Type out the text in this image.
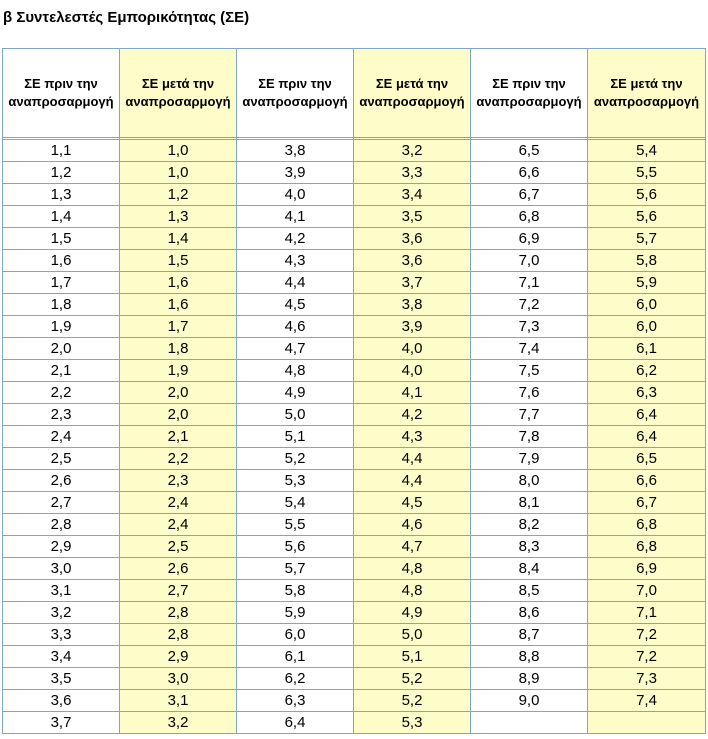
β Συντελεστές Εμπορικότητας (ΣΕ)
ΣΕ πριν την
αναπροσαρμογή	ΣΕ μετά την
αναπροσαρμογή	ΣΕ πριν την
αναπροσαρμογή	ΣΕ μετά την
αναπροσαρμογή	ΣΕ πριν την
αναπροσαρμογή	ΣΕ μετά την
αναπροσαρμογή

1,1	1,0	3,8	3,2	6,5	5,4
1,2	1,0	3,9	3,3	6,6	5,5
1,3	1,2	4,0	3,4	6,7	5,6
1,4	1,3	4,1	3,5	6,8	5,6
1,5	1,4	4,2	3,6	6,9	5,7
1,6	1,5	4,3	3,6	7,0	5,8
1,7	1,6	4,4	3,7	7,1	5,9
1,8	1,6	4,5	3,8	7,2	6,0
1,9	1,7	4,6	3,9	7,3	6,0
2,0	1,8	4,7	4,0	7,4	6,1
2,1	1,9	4,8	4,0	7,5	6,2
2,2	2,0	4,9	4,1	7,6	6,3
2,3	2,0	5,0	4,2	7,7	6,4
2,4	2,1	5,1	4,3	7,8	6,4
2,5	2,2	5,2	4,4	7,9	6,5
2,6	2,3	5,3	4,4	8,0	6,6
2,7	2,4	5,4	4,5	8,1	6,7
2,8	2,4	5,5	4,6	8,2	6,8
2,9	2,5	5,6	4,7	8,3	6,8
3,0	2,6	5,7	4,8	8,4	6,9
3,1	2,7	5,8	4,8	8,5	7,0
3,2	2,8	5,9	4,9	8,6	7,1
3,3	2,8	6,0	5,0	8,7	7,2
3,4	2,9	6,1	5,1	8,8	7,2
3,5	3,0	6,2	5,2	8,9	7,3
3,6	3,1	6,3	5,2	9,0	7,4
3,7	3,2	6,4	5,3		
